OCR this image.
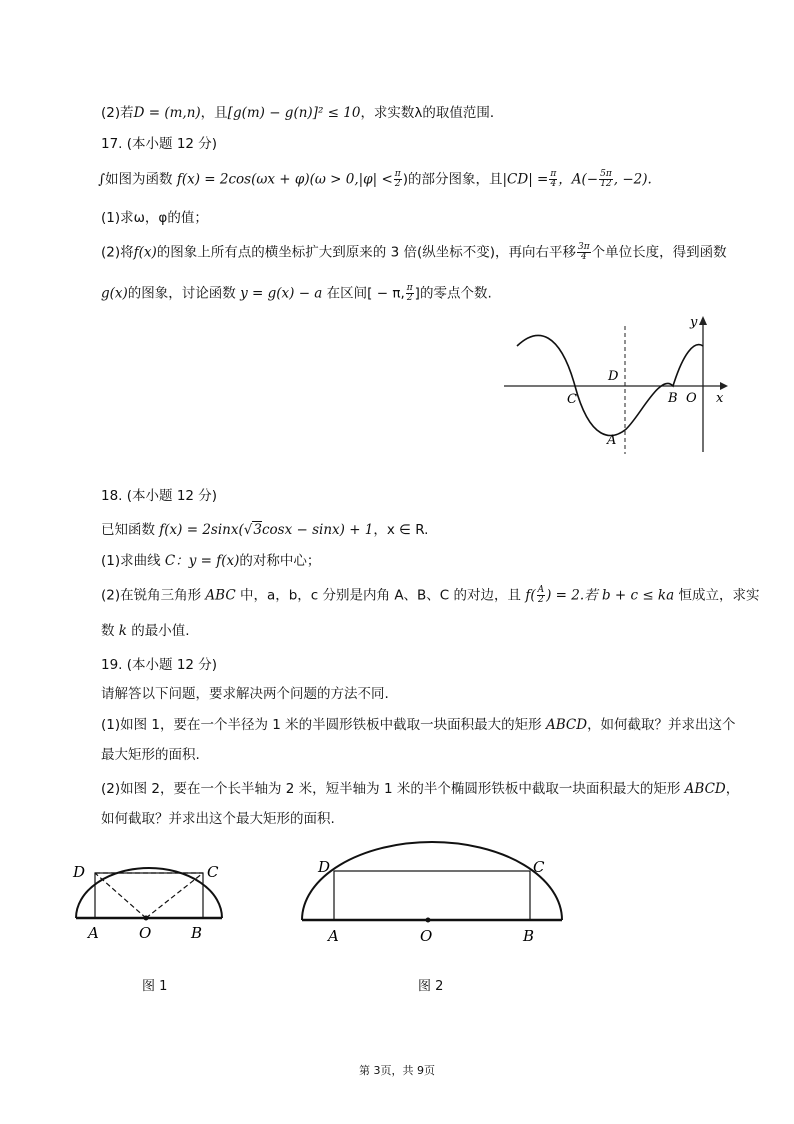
(2)若D = (m,n)，且[g(m) − g(n)]² ≤ 10，求实数λ的取值范围．
17. (本小题 12 分)
∫如图为函数 $f(x) = 2\cos(\omega x + \varphi)(\omega > 0,|\varphi| < \frac{\pi}{2}$ )的部分图象，且$|CD| = \frac{\pi}{4}$ ，$A(- \frac{5\pi}{12}$ , −2).
(1)求ω，φ的值；
(2)将f(x)的图象上所有点的横坐标扩大到原来的 3 倍(纵坐标不变)，再向右平移 $\frac{3\pi}{4}$ 个单位长度，得到函数
g(x)的图象，讨论函数 y = g(x) − a 在区间[ − π, $\frac{\pi}{2}$ ]的零点个数.
y
x
D
C	B O
A
18. (本小题 12 分)
已知函数 f(x) = 2sinx(√3cosx − sinx) + 1，x ∈ R.
(1)求曲线 C：y = f(x)的对称中心；
(2)在锐角三角形 ABC 中，a，b，c 分别是内角 A、B、C 的对边，且 $f( \frac{A}{2}$ ) = 2.若 b + c ≤ ka 恒成立，求实
数 k 的最小值.
19. (本小题 12 分)
请解答以下问题，要求解决两个问题的方法不同.
(1)如图 1，要在一个半径为 1 米的半圆形铁板中截取一块面积最大的矩形 ABCD，如何截取？并求出这个
最大矩形的面积.
(2)如图 2，要在一个长半轴为 2 米，短半轴为 1 米的半个椭圆形铁板中截取一块面积最大的矩形 ABCD，
如何截取？并求出这个最大矩形的面积.
D	C
A	O	B
D	C
A	O	B
图 1	图 2
第 3页，共 9页
